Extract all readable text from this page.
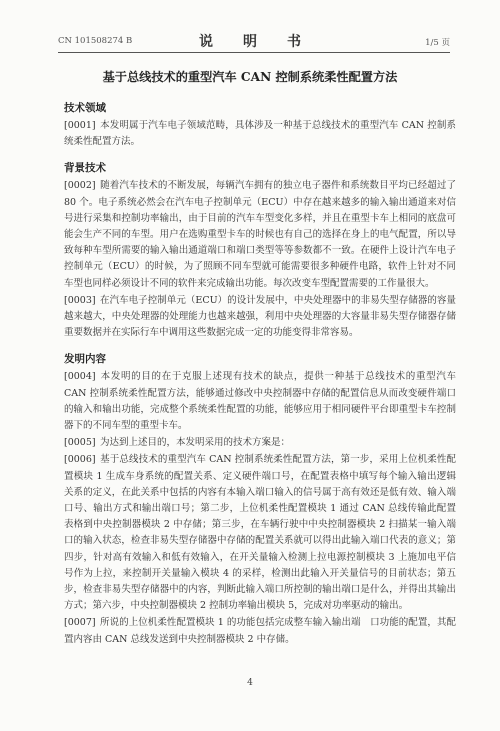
CN 101508274 B	说　明　书	1/5 页
基于总线技术的重型汽车 CAN 控制系统柔性配置方法
技术领域

[0001] 本发明属于汽车电子领域范畴，具体涉及一种基于总线技术的重型汽车 CAN 控制系统柔性配置方法。

背景技术

[0002] 随着汽车技术的不断发展，每辆汽车拥有的独立电子器件和系统数目平均已经超过了 80 个。电子系统必然会在汽车电子控制单元（ECU）中存在越来越多的输入输出通道来对信号进行采集和控制功率输出，由于目前的汽车车型变化多样，并且在重型卡车上相同的底盘可能会生产不同的车型。用户在选购重型卡车的时候也有自己的选择在身上的电气配置，所以导致每种车型所需要的输入输出通道端口和端口类型等等参数都不一致。在硬件上设计汽车电子控制单元（ECU）的时候，为了照顾不同车型就可能需要很多种硬件电路，软件上针对不同车型也同样必须设计不同的软件来完成输出功能。每次改变车型配置需要的工作量很大。

[0003] 在汽车电子控制单元（ECU）的设计发展中，中央处理器中的非易失型存储器的容量越来越大，中央处理器的处理能力也越来越强，利用中央处理器的大容量非易失型存储器存储重要数据并在实际行车中调用这些数据完成一定的功能变得非常容易。

发明内容

[0004] 本发明的目的在于克服上述现有技术的缺点，提供一种基于总线技术的重型汽车 CAN 控制系统柔性配置方法，能够通过修改中央控制器中存储的配置信息从而改变硬件端口的输入和输出功能，完成整个系统柔性配置的功能，能够应用于相同硬件平台即重型卡车控制器下的不同车型的重型卡车。

[0005] 为达到上述目的，本发明采用的技术方案是：

[0006] 基于总线技术的重型汽车 CAN 控制系统柔性配置方法，第一步，采用上位机柔性配置模块 1 生成车身系统的配置关系、定义硬件端口号，在配置表格中填写每个输入输出逻辑关系的定义，在此关系中包括的内容有本输入端口输入的信号属于高有效还是低有效、输入端口号、输出方式和输出端口号；第二步，上位机柔性配置模块 1 通过 CAN 总线传输此配置表格到中央控制器模块 2 中存储；第三步，在车辆行驶中中央控制器模块 2 扫描某一输入端口的输入状态，检查非易失型存储器中存储的配置关系就可以得出此输入端口代表的意义；第四步，针对高有效输入和低有效输入，在开关量输入检测上拉电源控制模块 3 上施加电平信号作为上拉，来控制开关量输入模块 4 的采样，检测出此输入开关量信号的目前状态；第五步，检查非易失型存储器中的内容，判断此输入端口所控制的输出端口是什么，并得出其输出方式；第六步，中央控制器模块 2 控制功率输出模块 5，完成对功率驱动的输出。

[0007] 所说的上位机柔性配置模块 1 的功能包括完成整车输入输出端　口功能的配置，其配置内容由 CAN 总线发送到中央控制器模块 2 中存储。

4
